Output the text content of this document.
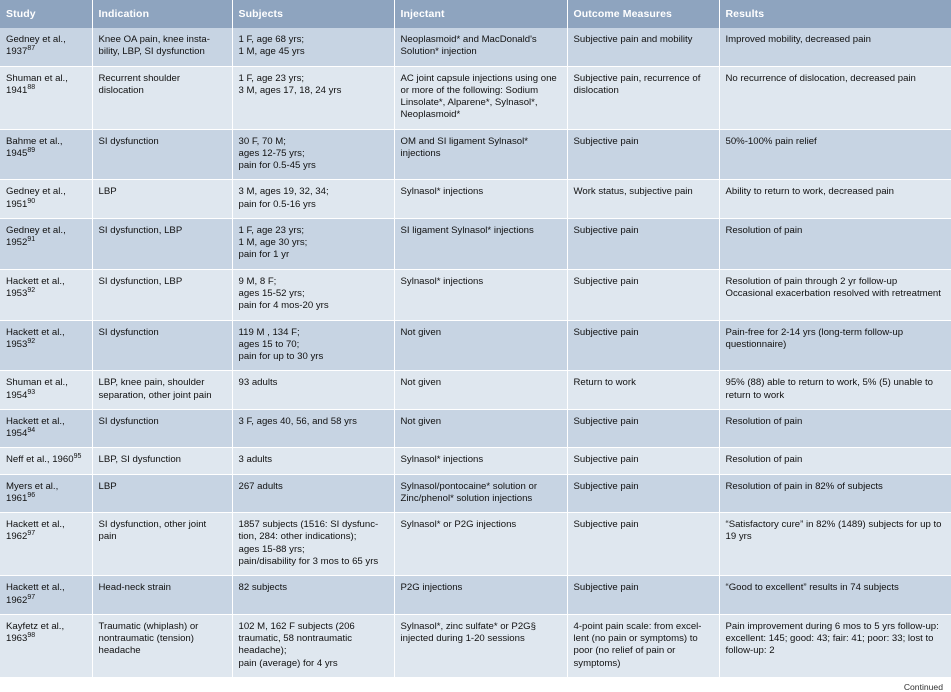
Study	Indication	Subjects	Injectant	Outcome Measures	Results

Gedney et al., 1937$^{87}$	Knee OA pain, knee insta-bility, LBP, SI dysfunction	1 F, age 68 yrs;
1 M, age 45 yrs	Neoplasmoid* and MacDonald's Solution* injection	Subjective pain and mobility	Improved mobility, decreased pain

Shuman et al., 1941$^{88}$	Recurrent shoulder dislocation	1 F, age 23 yrs;
3 M, ages 17, 18, 24 yrs	AC joint capsule injections using one or more of the following: Sodium Linsolate*, Alparene*, Sylnasol*, Neoplasmoid*	Subjective pain, recurrence of dislocation	No recurrence of dislocation, decreased pain

Bahme et al., 1945$^{89}$	SI dysfunction	30 F, 70 M;
ages 12-75 yrs;
pain for 0.5-45 yrs	OM and SI ligament Sylnasol* injections	Subjective pain	50%-100% pain relief

Gedney et al., 1951$^{90}$	LBP	3 M, ages 19, 32, 34;
pain for 0.5-16 yrs	Sylnasol* injections	Work status, subjective pain	Ability to return to work, decreased pain

Gedney et al., 1952$^{91}$	SI dysfunction, LBP	1 F, age 23 yrs;
1 M, age 30 yrs;
pain for 1 yr	SI ligament Sylnasol* injections	Subjective pain	Resolution of pain

Hackett et al., 1953$^{92}$	SI dysfunction, LBP	9 M, 8 F;
ages 15-52 yrs;
pain for 4 mos-20 yrs	Sylnasol* injections	Subjective pain	Resolution of pain through 2 yr follow-up
Occasional exacerbation resolved with retreatment

Hackett et al., 1953$^{92}$	SI dysfunction	119 M , 134 F;
ages 15 to 70;
pain for up to 30 yrs	Not given	Subjective pain	Pain-free for 2-14 yrs (long-term follow-up questionnaire)

Shuman et al., 1954$^{93}$	LBP, knee pain, shoulder separation, other joint pain	93 adults	Not given	Return to work	95% (88) able to return to work, 5% (5) unable to return to work

Hackett et al., 1954$^{94}$	SI dysfunction	3 F, ages 40, 56, and 58 yrs	Not given	Subjective pain	Resolution of pain

Neff et al., 1960$^{95}$	LBP, SI dysfunction	3 adults	Sylnasol* injections	Subjective pain	Resolution of pain

Myers et al., 1961$^{96}$	LBP	267 adults	Sylnasol/pontocaine* solution or Zinc/phenol* solution injections	Subjective pain	Resolution of pain in 82% of subjects

Hackett et al., 1962$^{97}$	SI dysfunction, other joint pain	1857 subjects (1516: SI dysfunc-tion, 284: other indications);
ages 15-88 yrs;
pain/disability for 3 mos to 65 yrs	Sylnasol* or P2G injections	Subjective pain	“Satisfactory cure” in 82% (1489) subjects for up to 19 yrs

Hackett et al., 1962$^{97}$	Head-neck strain	82 subjects	P2G injections	Subjective pain	“Good to excellent” results in 74 subjects

Kayfetz et al., 1963$^{98}$	Traumatic (whiplash) or nontraumatic (tension) headache	102 M, 162 F subjects (206 traumatic, 58 nontraumatic headache);
pain (average) for 4 yrs	Sylnasol*, zinc sulfate* or P2G§ injected during 1-20 sessions	4-point pain scale: from excel-lent (no pain or symptoms) to poor (no relief of pain or symptoms)	Pain improvement during 6 mos to 5 yrs follow-up:
excellent: 145; good: 43; fair: 41; poor: 33; lost to follow-up: 2
Continued
